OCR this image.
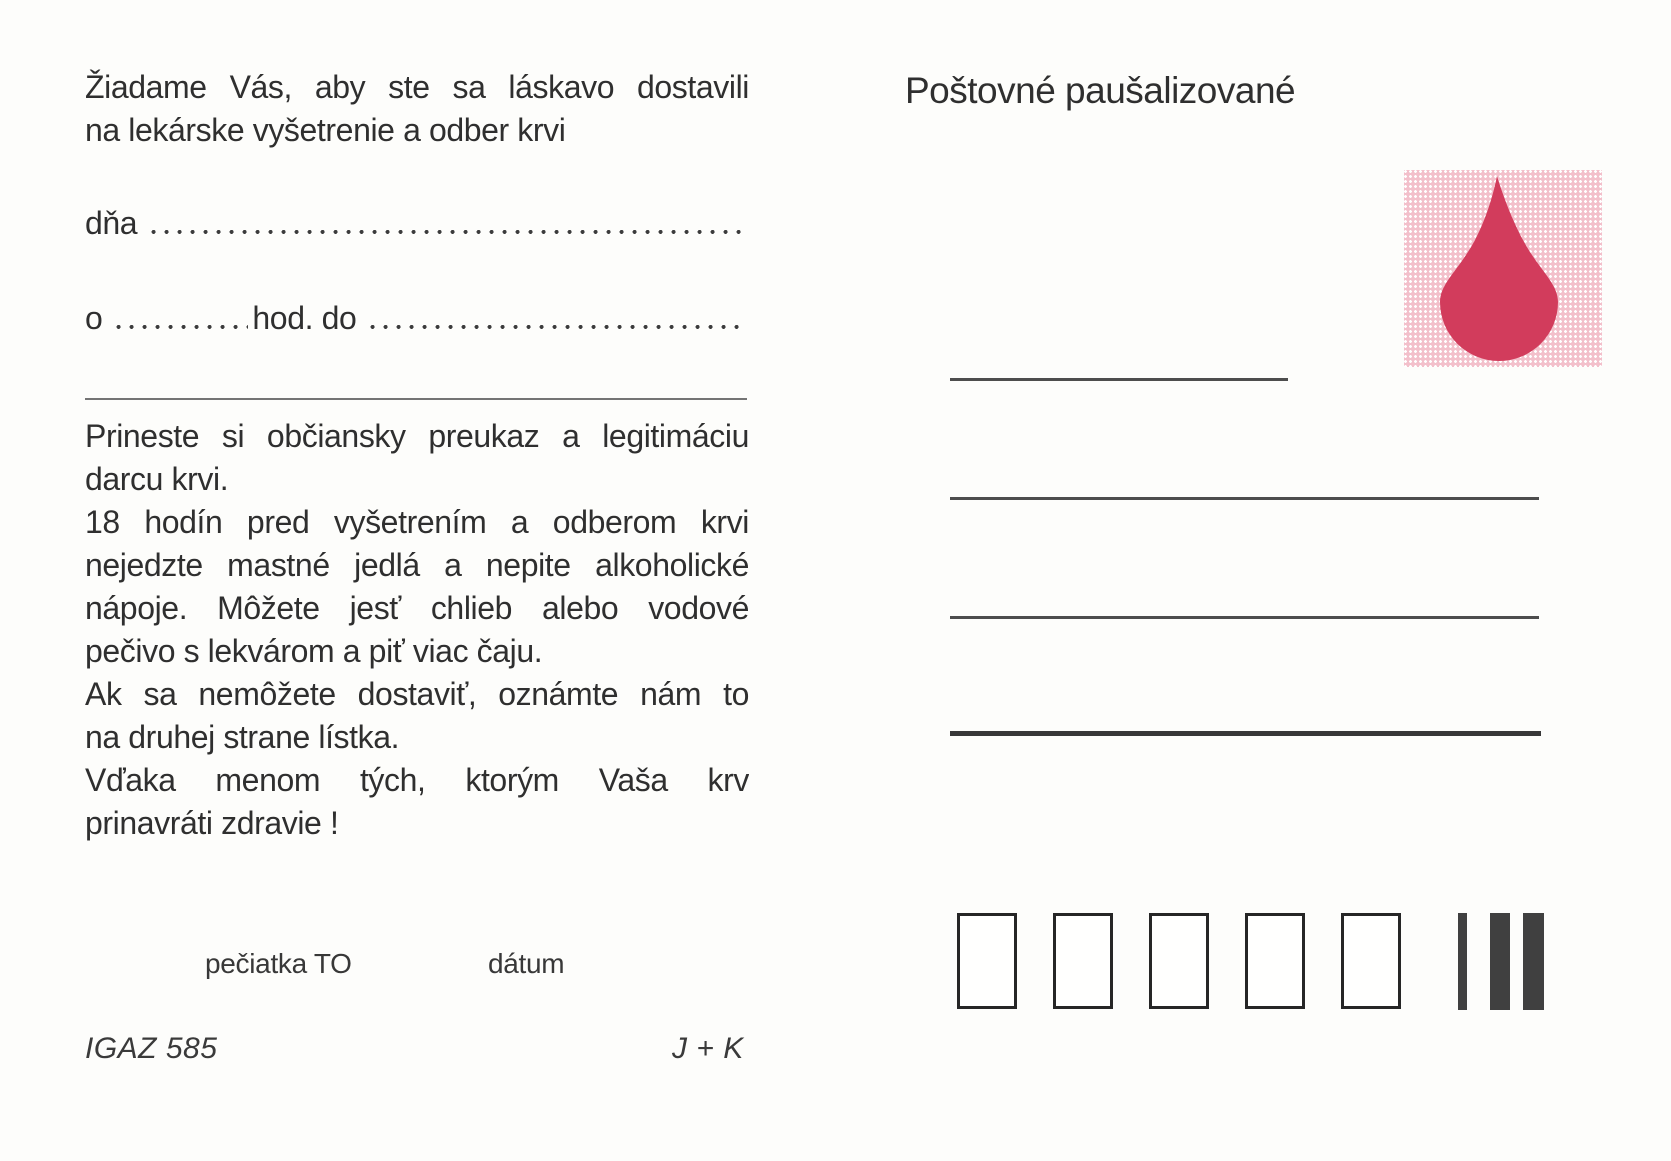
Žiadame Vás, aby ste sa láskavo dostavili
na lekárske vyšetrenie a odber krvi
dňa
o	hod. do
Prineste si občiansky preukaz a legitimáciu
darcu krvi.
18 hodín pred vyšetrením a odberom krvi
nejedzte mastné jedlá a nepite alkoholické
nápoje. Môžete jesť chlieb alebo vodové
pečivo s lekvárom a piť viac čaju.
Ak sa nemôžete dostaviť, oznámte nám to
na druhej strane lístka.
Vďaka menom tých, ktorým Vaša krv
prinavráti zdravie !
pečiatka TO	dátum
IGAZ 585	J + K
Poštovné paušalizované
